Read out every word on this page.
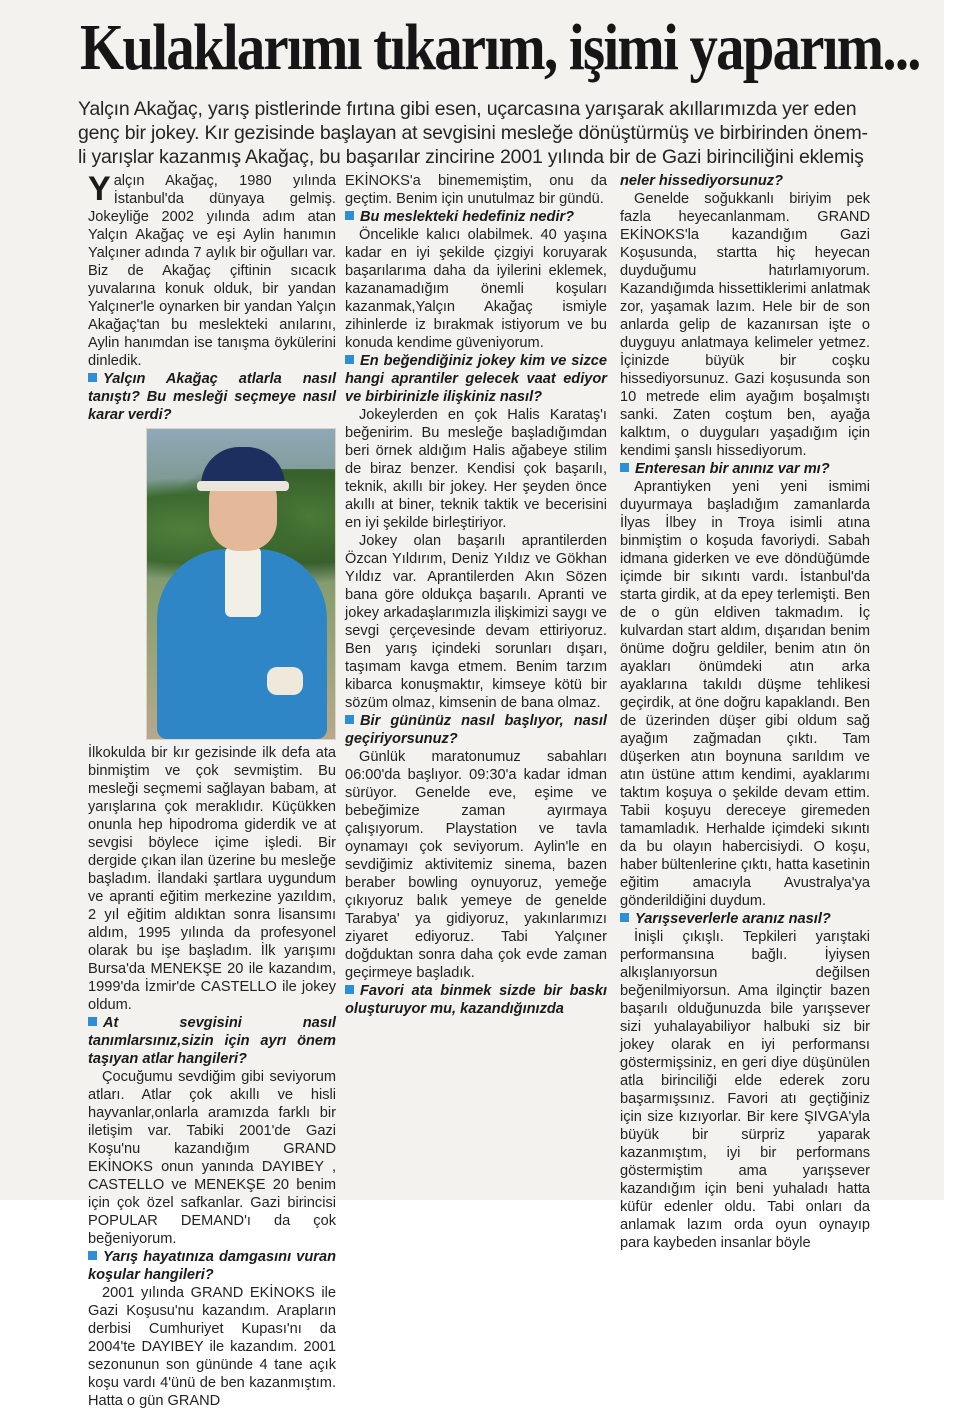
Kulaklarımı tıkarım, işimi yaparım...

Yalçın Akağaç, yarış pistlerinde fırtına gibi esen, uçarcasına yarışarak akıllarımızda yer eden

genç bir jokey. Kır gezisinde başlayan at sevgisini mesleğe dönüştürmüş ve birbirinden önem-

li yarışlar kazanmış Akağaç, bu başarılar zincirine 2001 yılında bir de Gazi birinciliğini eklemiş

Yalçın Akağaç, 1980 yılında İstanbul'da dünyaya gelmiş. Jokeyliğe 2002 yılında adım atan Yalçın Akağaç ve eşi Aylin hanımın Yalçıner adında 7 aylık bir oğulları var. Biz de Akağaç çiftinin sıcacık yuvalarına konuk olduk, bir yandan Yalçıner'le oynarken bir yandan Yalçın Akağaç'tan bu meslekteki anılarını, Aylin hanımdan ise tanışma öykülerini dinledik.

Yalçın Akağaç atlarla nasıl tanıştı? Bu mesleği seçmeye nasıl karar verdi?

İlkokulda bir kır gezisinde ilk defa ata binmiştim ve çok sevmiştim. Bu mesleği seçmemi sağlayan babam, at yarışlarına çok meraklıdır. Küçükken onunla hep hipodroma giderdik ve at sevgisi böylece içime işledi. Bir dergide çıkan ilan üzerine bu mesleğe başladım. İlandaki şartlara uygundum ve apranti eğitim merkezine yazıldım, 2 yıl eğitim aldıktan sonra lisansımı aldım, 1995 yılında da profesyonel olarak bu işe başladım. İlk yarışımı Bursa'da MENEKŞE 20 ile kazandım, 1999'da İzmir'de CASTELLO ile jokey oldum.

At sevgisini nasıl tanımlarsınız,sizin için ayrı önem taşıyan atlar hangileri?

Çocuğumu sevdiğim gibi seviyorum atları. Atlar çok akıllı ve hisli hayvanlar,onlarla aramızda farklı bir iletişim var. Tabiki 2001'de Gazi Koşu'nu kazandığım GRAND EKİNOKS onun yanında DAYIBEY , CASTELLO ve MENEKŞE 20 benim için çok özel safkanlar. Gazi birincisi POPULAR DEMAND'ı da çok beğeniyorum.

Yarış hayatınıza damgasını vuran koşular hangileri?

2001 yılında GRAND EKİNOKS ile Gazi Koşusu'nu kazandım. Arapların derbisi Cumhuriyet Kupası'nı da 2004'te DAYIBEY ile kazandım. 2001 sezonunun son gününde 4 tane açık koşu vardı 4'ünü de ben kazanmıştım. Hatta o gün GRAND

EKİNOKS'a binememiştim, onu da geçtim. Benim için unutulmaz bir gündü.

Bu meslekteki hedefiniz nedir?

Öncelikle kalıcı olabilmek. 40 yaşına kadar en iyi şekilde çizgiyi koruyarak başarılarıma daha da iyilerini eklemek, kazanamadığım önemli koşuları kazanmak,Yalçın Akağaç ismiyle zihinlerde iz bırakmak istiyorum ve bu konuda kendime güveniyorum.

En beğendiğiniz jokey kim ve sizce hangi aprantiler gelecek vaat ediyor ve birbirinizle ilişkiniz nasıl?

Jokeylerden en çok Halis Karataş'ı beğenirim. Bu mesleğe başladığımdan beri örnek aldığım Halis ağabeye stilim de biraz benzer. Kendisi çok başarılı, teknik, akıllı bir jokey. Her şeyden önce akıllı at biner, teknik taktik ve becerisini en iyi şekilde birleştiriyor.

Jokey olan başarılı aprantilerden Özcan Yıldırım, Deniz Yıldız ve Gökhan Yıldız var. Aprantilerden Akın Sözen bana göre oldukça başarılı. Apranti ve jokey arkadaşlarımızla ilişkimizi saygı ve sevgi çerçevesinde devam ettiriyoruz. Ben yarış içindeki sorunları dışarı, taşımam kavga etmem. Benim tarzım kibarca konuşmaktır, kimseye kötü bir sözüm olmaz, kimsenin de bana olmaz.

Bir gününüz nasıl başlıyor, nasıl geçiriyorsunuz?

Günlük maratonumuz sabahları 06:00'da başlıyor. 09:30'a kadar idman sürüyor. Genelde eve, eşime ve bebeğimize zaman ayırmaya çalışıyorum. Playstation ve tavla oynamayı çok seviyorum. Aylin'le en sevdiğimiz aktivitemiz sinema, bazen beraber bowling oynuyoruz, yemeğe çıkıyoruz balık yemeye de genelde Tarabya' ya gidiyoruz, yakınlarımızı ziyaret ediyoruz. Tabi Yalçıner doğduktan sonra daha çok evde zaman geçirmeye başladık.

Favori ata binmek sizde bir baskı oluşturuyor mu, kazandığınızda

neler hissediyorsunuz?

Genelde soğukkanlı biriyim pek fazla heyecanlanmam. GRAND EKİNOKS'la kazandığım Gazi Koşusunda, startta hiç heyecan duyduğumu hatırlamıyorum. Kazandığımda hissettiklerimi anlatmak zor, yaşamak lazım. Hele bir de son anlarda gelip de kazanırsan işte o duyguyu anlatmaya kelimeler yetmez. İçinizde büyük bir coşku hissediyorsunuz. Gazi koşusunda son 10 metrede elim ayağım boşalmıştı sanki. Zaten coştum ben, ayağa kalktım, o duyguları yaşadığım için kendimi şanslı hissediyorum.

Enteresan bir anınız var mı?

Aprantiyken yeni yeni ismimi duyurmaya başladığım zamanlarda İlyas İlbey in Troya isimli atına binmiştim o koşuda favoriydi. Sabah idmana giderken ve eve döndüğümde içimde bir sıkıntı vardı. İstanbul'da starta girdik, at da epey terlemişti. Ben de o gün eldiven takmadım. İç kulvardan start aldım, dışarıdan benim önüme doğru geldiler, benim atın ön ayakları önümdeki atın arka ayaklarına takıldı düşme tehlikesi geçirdik, at öne doğru kapaklandı. Ben de üzerinden düşer gibi oldum sağ ayağım zağmadan çıktı. Tam düşerken atın boynuna sarıldım ve atın üstüne attım kendimi, ayaklarımı taktım koşuya o şekilde devam ettim. Tabii koşuyu dereceye giremeden tamamladık. Herhalde içimdeki sıkıntı da bu olayın habercisiydi. O koşu, haber bültenlerine çıktı, hatta kasetinin eğitim amacıyla Avustralya'ya gönderildiğini duydum.

Yarışseverlerle aranız nasıl?

İnişli çıkışlı. Tepkileri yarıştaki performansına bağlı. İyiysen alkışlanıyorsun değilsen beğenilmiyorsun. Ama ilginçtir bazen başarılı olduğunuzda bile yarışsever sizi yuhalayabiliyor halbuki siz bir jokey olarak en iyi performansı göstermişsiniz, en geri diye düşünülen atla birinciliği elde ederek zoru başarmışsınız. Favori atı geçtiğiniz için size kızıyorlar. Bir kere ŞIVGA'yla büyük bir sürpriz yaparak kazanmıştım, iyi bir performans göstermiştim ama yarışsever kazandığım için beni yuhaladı hatta küfür edenler oldu. Tabi onları da anlamak lazım orda oyun oynayıp para kaybeden insanlar böyle
